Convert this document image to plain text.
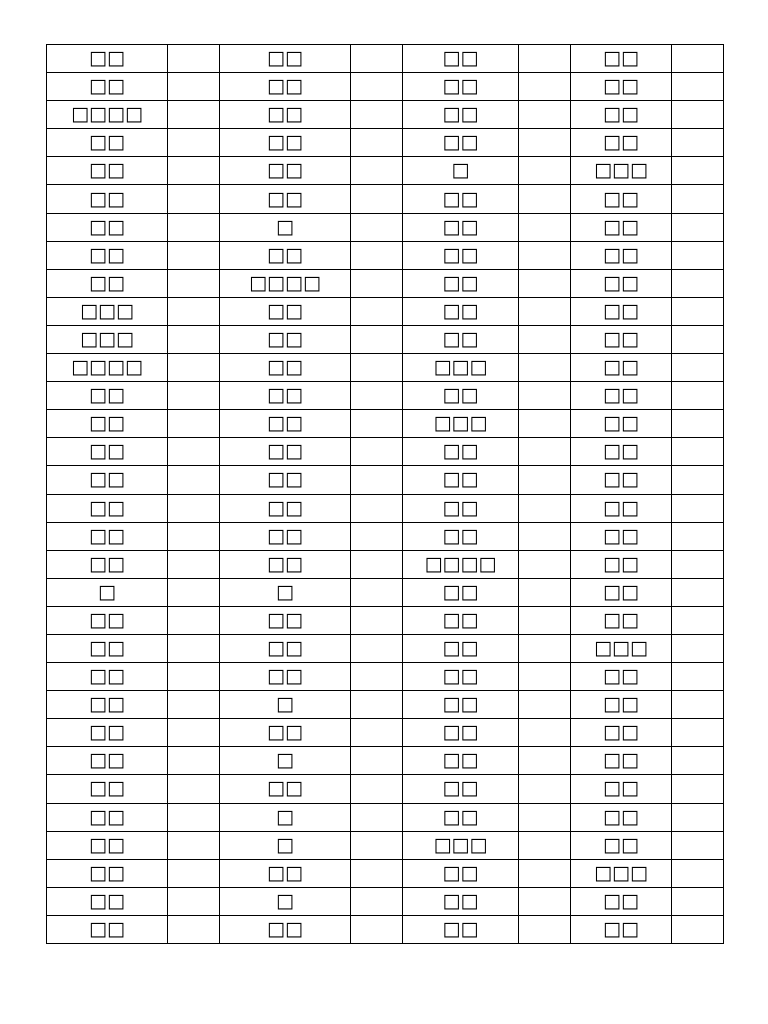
□□		□□		□□		□□	
□□		□□		□□		□□	
□□□□		□□		□□		□□	
□□		□□		□□		□□	
□□		□□		□		□□□	
□□		□□		□□		□□	
□□		□		□□		□□	
□□		□□		□□		□□	
□□		□□□□		□□		□□	
□□□		□□		□□		□□	
□□□		□□		□□		□□	
□□□□		□□		□□□		□□	
□□		□□		□□		□□	
□□		□□		□□□		□□	
□□		□□		□□		□□	
□□		□□		□□		□□	
□□		□□		□□		□□	
□□		□□		□□		□□	
□□		□□		□□□□		□□	
□		□		□□		□□	
□□		□□		□□		□□	
□□		□□		□□		□□□	
□□		□□		□□		□□	
□□		□		□□		□□	
□□		□□		□□		□□	
□□		□		□□		□□	
□□		□□		□□		□□	
□□		□		□□		□□	
□□		□		□□□		□□	
□□		□□		□□		□□□	
□□		□		□□		□□	
□□		□□		□□		□□	
